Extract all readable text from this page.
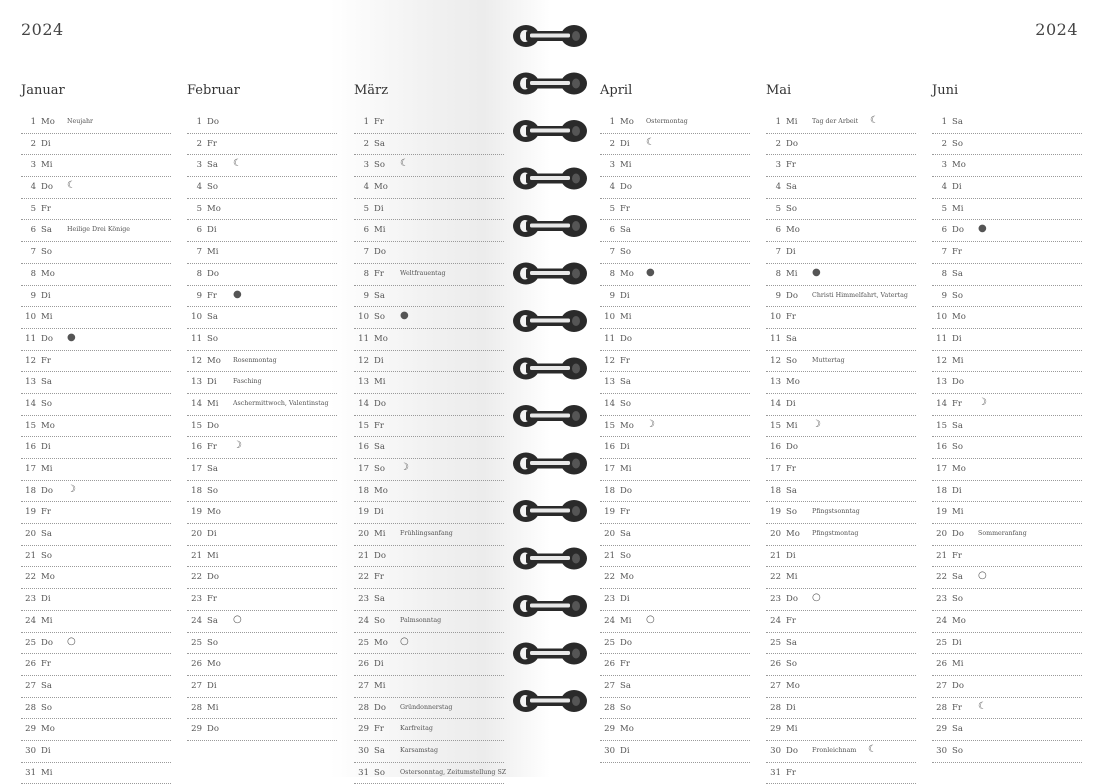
2024	2024
Januar
1 Mo Neujahr
2 Di
3 Mi
4 Do ☾
5 Fr
6 Sa Heilige Drei Könige
7 So
8 Mo
9 Di
10 Mi
11 Do ●
12 Fr
13 Sa
14 So
15 Mo
16 Di
17 Mi
18 Do ☽
19 Fr
20 Sa
21 So
22 Mo
23 Di
24 Mi
25 Do ○
26 Fr
27 Sa
28 So
29 Mo
30 Di
31 Mi
Februar
1 Do
2 Fr
3 Sa ☾
4 So
5 Mo
6 Di
7 Mi
8 Do
9 Fr ●
10 Sa
11 So
12 Mo Rosenmontag
13 Di	Fasching
14 Mi Aschermittwoch, Valentinstag
15 Do
16 Fr ☽
17 Sa
18 So
19 Mo
20 Di
21 Mi
22 Do
23 Fr
24 Sa ○
25 So
26 Mo
27 Di
28 Mi
29 Do
März
1 Fr
2 Sa
3 So ☾
4 Mo
5 Di
6 Mi
7 Do
8 Fr	Weltfrauentag
9 Sa
10 So ●
11 Mo
12 Di
13 Mi
14 Do
15 Fr
16 Sa
17 So ☽
18 Mo
19 Di
20 Mi Frühlingsanfang
21 Do
22 Fr
23 Sa
24 So Palmsonntag
25 Mo ○
26 Di
27 Mi
28 Do Gründonnerstag
29 Fr	Karfreitag
30 Sa Karsamstag
31 So Ostersonntag, Zeitumstellung SZ
April
1 Mo Ostermontag
2 Di ☾
3 Mi
4 Do
5 Fr
6 Sa
7 So
8 Mo ●
9 Di
10 Mi
11 Do
12 Fr
13 Sa
14 So
15 Mo ☽
16 Di
17 Mi
18 Do
19 Fr
20 Sa
21 So
22 Mo
23 Di
24 Mi ○
25 Do
26 Fr
27 Sa
28 So
29 Mo
30 Di
Mai
1 Mi Tag der Arbeit ☾
2 Do
3 Fr
4 Sa
5 So
6 Mo
7 Di
8 Mi ●
9 Do Christi Himmelfahrt, Vatertag
10 Fr
11 Sa
12 So Muttertag
13 Mo
14 Di
15 Mi ☽
16 Do
17 Fr
18 Sa
19 So Pfingstsonntag
20 Mo Pfingstmontag
21 Di
22 Mi
23 Do ○
24 Fr
25 Sa
26 So
27 Mo
28 Di
29 Mi
30 Do Fronleichnam ☾
31 Fr
Juni
1 Sa
2 So
3 Mo
4 Di
5 Mi
6 Do ●
7 Fr
8 Sa
9 So
10 Mo
11 Di
12 Mi
13 Do
14 Fr ☽
15 Sa
16 So
17 Mo
18 Di
19 Mi
20 Do Sommeranfang
21 Fr
22 Sa ○
23 So
24 Mo
25 Di
26 Mi
27 Do
28 Fr ☾
29 Sa
30 So
